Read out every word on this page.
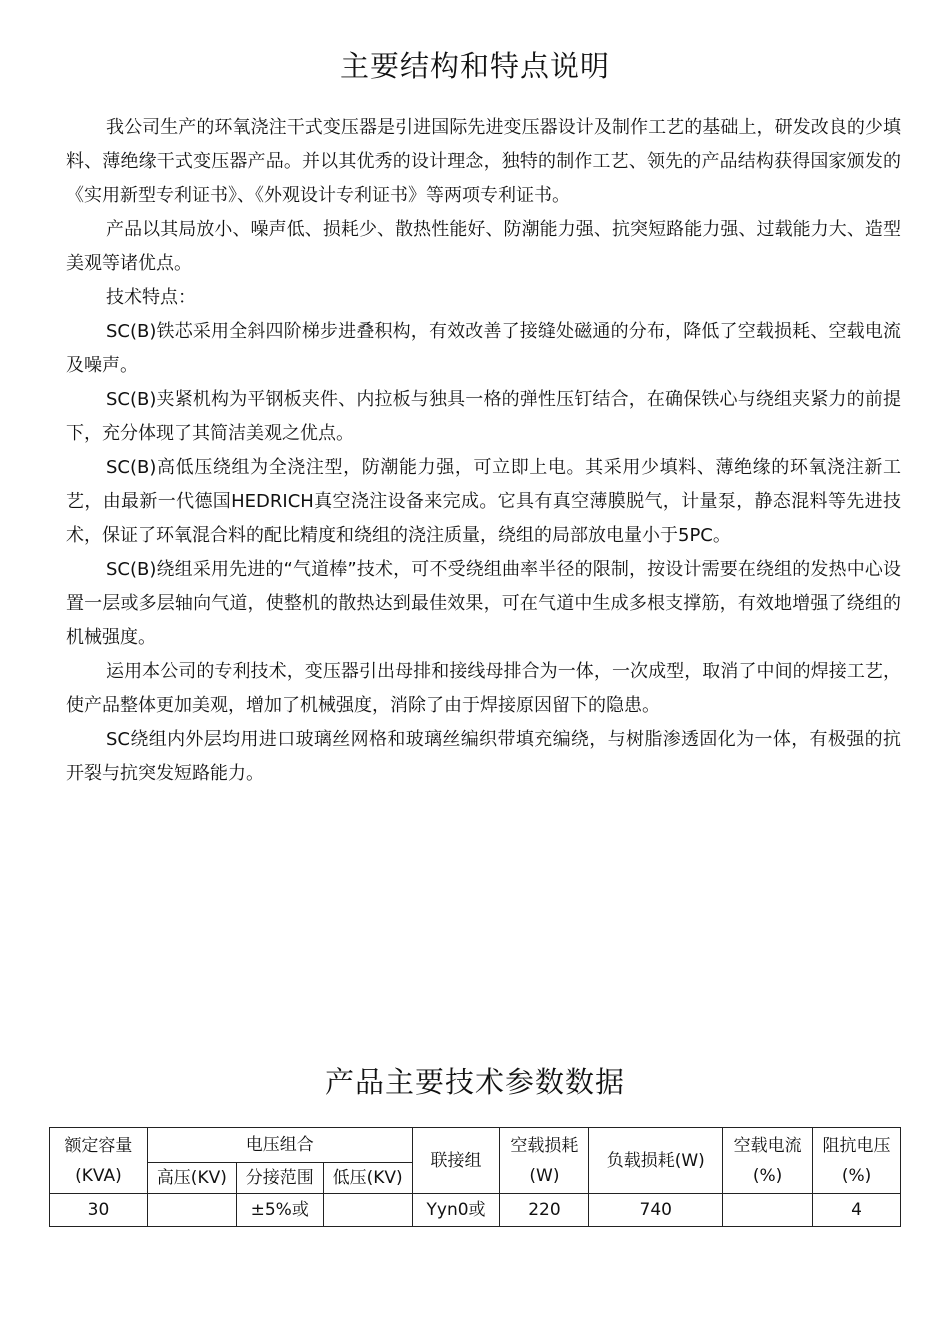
主要结构和特点说明

我公司生产的环氧浇注干式变压器是引进国际先进变压器设计及制作工艺的基础上，研发改良的少填料、薄绝缘干式变压器产品。并以其优秀的设计理念，独特的制作工艺、领先的产品结构获得国家颁发的《实用新型专利证书》、《外观设计专利证书》等两项专利证书。

产品以其局放小、噪声低、损耗少、散热性能好、防潮能力强、抗突短路能力强、过载能力大、造型美观等诸优点。

技术特点：

SC(B)铁芯采用全斜四阶梯步进叠积构，有效改善了接缝处磁通的分布，降低了空载损耗、空载电流及噪声。

SC(B)夹紧机构为平钢板夹件、内拉板与独具一格的弹性压钉结合，在确保铁心与绕组夹紧力的前提下，充分体现了其简洁美观之优点。

SC(B)高低压绕组为全浇注型，防潮能力强，可立即上电。其采用少填料、薄绝缘的环氧浇注新工艺，由最新一代德国HEDRICH真空浇注设备来完成。它具有真空薄膜脱气，计量泵，静态混料等先进技术，保证了环氧混合料的配比精度和绕组的浇注质量，绕组的局部放电量小于5PC。

SC(B)绕组采用先进的“气道棒”技术，可不受绕组曲率半径的限制，按设计需要在绕组的发热中心设置一层或多层轴向气道，使整机的散热达到最佳效果，可在气道中生成多根支撑筋，有效地增强了绕组的机械强度。

运用本公司的专利技术，变压器引出母排和接线母排合为一体，一次成型，取消了中间的焊接工艺，使产品整体更加美观，增加了机械强度，消除了由于焊接原因留下的隐患。

SC绕组内外层均用进口玻璃丝网格和玻璃丝编织带填充编绕，与树脂渗透固化为一体，有极强的抗开裂与抗突发短路能力。

产品主要技术参数数据
额定容量(KVA)	电压组合			联接组	空载损耗(W)	负载损耗(W)	空载电流(%)	阻抗电压(%)
	高压(KV)	分接范围	低压(KV)					
30		±5%或		Yyn0或	220	740		4
